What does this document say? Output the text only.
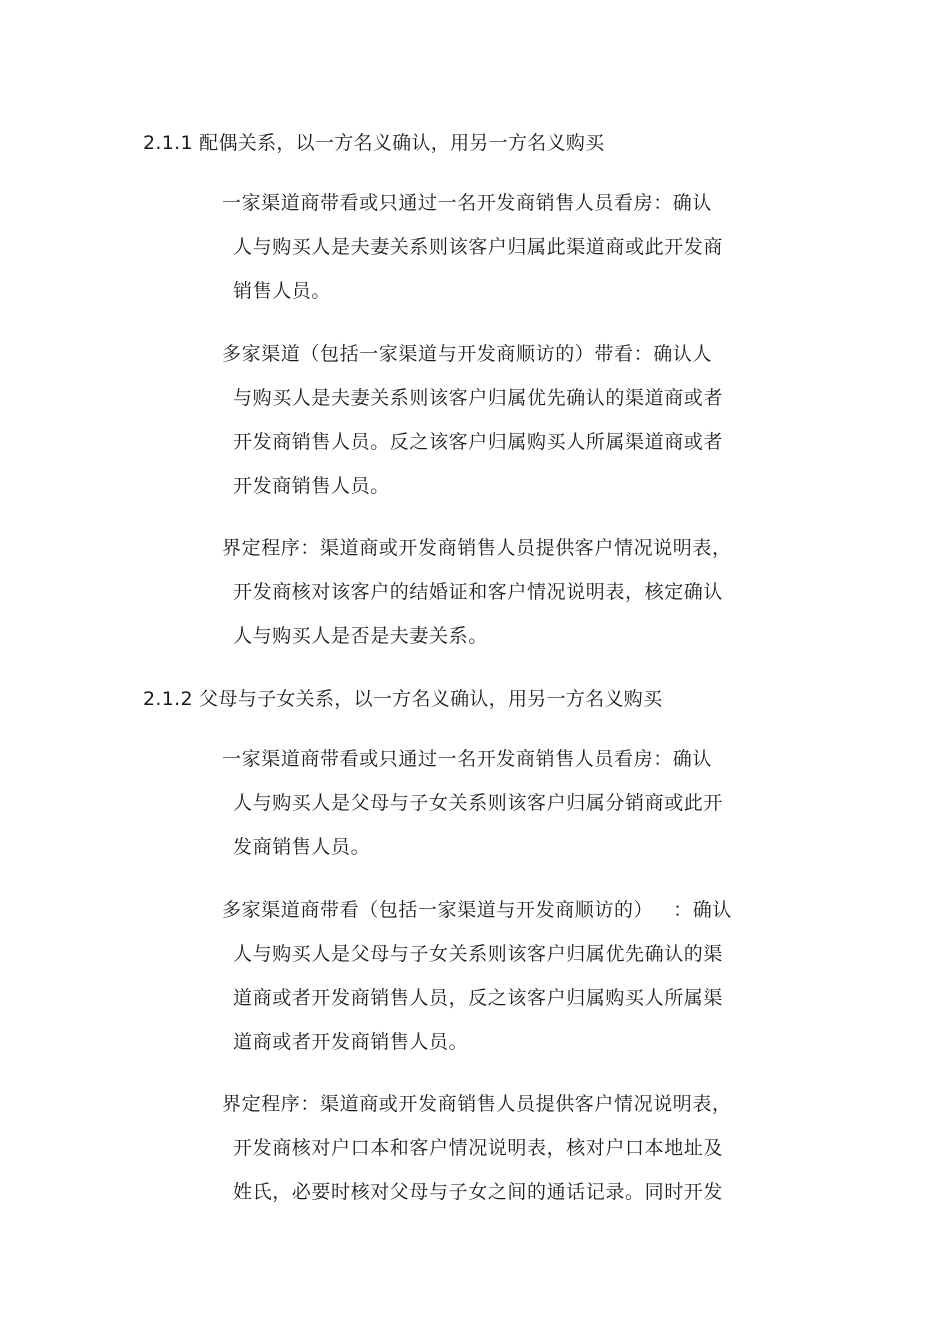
2.1.1 配偶关系，以一方名义确认，用另一方名义购买
一家渠道商带看或只通过一名开发商销售人员看房：确认
人与购买人是夫妻关系则该客户归属此渠道商或此开发商
销售人员。
多家渠道（包括一家渠道与开发商顺访的）带看：确认人
与购买人是夫妻关系则该客户归属优先确认的渠道商或者
开发商销售人员。反之该客户归属购买人所属渠道商或者
开发商销售人员。
界定程序：渠道商或开发商销售人员提供客户情况说明表，
开发商核对该客户的结婚证和客户情况说明表，核定确认
人与购买人是否是夫妻关系。
2.1.2 父母与子女关系，以一方名义确认，用另一方名义购买
一家渠道商带看或只通过一名开发商销售人员看房：确认
人与购买人是父母与子女关系则该客户归属分销商或此开
发商销售人员。
多家渠道商带看（包括一家渠道与开发商顺访的）   ：确认
人与购买人是父母与子女关系则该客户归属优先确认的渠
道商或者开发商销售人员，反之该客户归属购买人所属渠
道商或者开发商销售人员。
界定程序：渠道商或开发商销售人员提供客户情况说明表，
开发商核对户口本和客户情况说明表，核对户口本地址及
姓氏，必要时核对父母与子女之间的通话记录。同时开发
